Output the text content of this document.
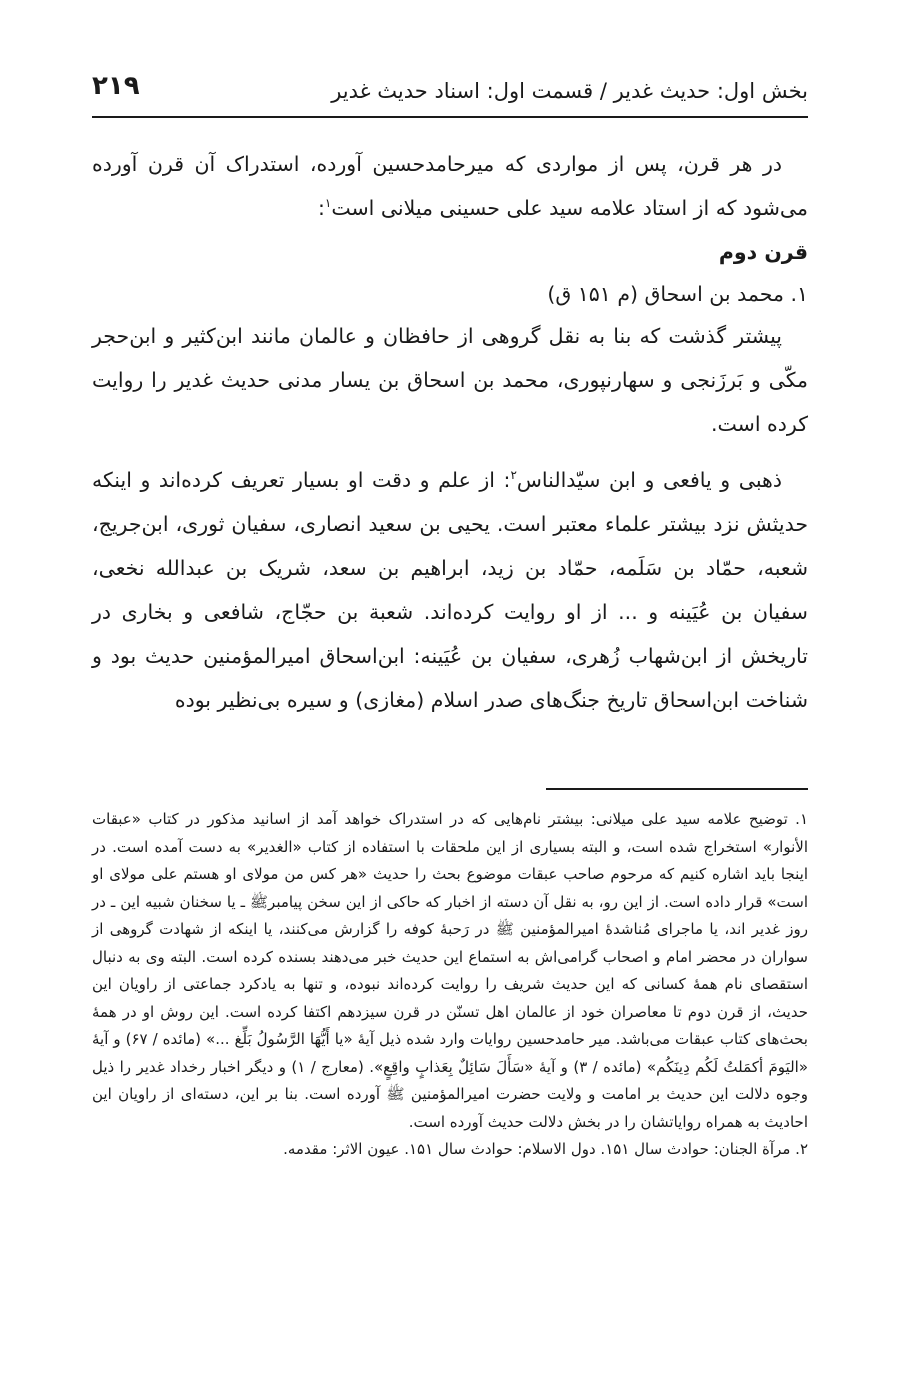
بخش اول: حدیث غدیر / قسمت اول: اسناد حدیث غدیر
۲۱۹

در هر قرن، پس از مواردی که میرحامدحسین آورده، استدراک آن قرن آورده می‌شود که از استاد علامه سید علی حسینی میلانی است$^۱$:

قرن دوم

۱. محمد بن اسحاق (م ۱۵۱ ق)

پیشتر گذشت که بنا به نقل گروهی از حافظان و عالمان مانند ابن‌کثیر و ابن‌حجر مکّی و بَرزَنجی و سهارنپوری، محمد بن اسحاق بن یسار مدنی حدیث غدیر را روایت کرده است.

ذهبی و یافعی و ابن سیّدالناس$^۲$: از علم و دقت او بسیار تعریف کرده‌اند و اینکه حدیثش نزد بیشتر علماء معتبر است. یحیی بن سعید انصاری، سفیان ثوری، ابن‌جریج، شعبه، حمّاد بن سَلَمه، حمّاد بن زید، ابراهیم بن سعد، شریک بن عبدالله نخعی، سفیان بن عُیَینه و ... از او روایت کرده‌اند. شعبة بن حجّاج، شافعی و بخاری در تاریخش از ابن‌شهاب زُهری، سفیان بن عُیَینه: ابن‌اسحاق امیرالمؤمنین حدیث بود و شناخت ابن‌اسحاق تاریخ جنگ‌های صدر اسلام (مغازی) و سیره بی‌نظیر بوده

۱. توضیح علامه سید علی میلانی: بیشتر نام‌هایی که در استدراک خواهد آمد از اسانید مذکور در کتاب «عبقات الأنوار» استخراج شده است، و البته بسیاری از این ملحقات با استفاده از کتاب «الغدیر» به دست آمده است. در اینجا باید اشاره کنیم که مرحوم صاحب عبقات موضوع بحث را حدیث «هر کس من مولای او هستم علی مولای او است» قرار داده است. از این رو، به نقل آن دسته از اخبار که حاکی از این سخن پیامبرﷺ ـ یا سخنان شبیه این ـ در روز غدیر اند، یا ماجرای مُناشدهٔ امیرالمؤمنین ﷺ در رَحبهٔ کوفه را گزارش می‌کنند، یا اینکه از شهادت گروهی از سواران در محضر امام و اصحاب گرامی‌اش به استماع این حدیث خبر می‌دهند بسنده کرده است. البته وی به دنبال استقصای نام همهٔ کسانی که این حدیث شریف را روایت کرده‌اند نبوده، و تنها به یادکرد جماعتی از راویان این حدیث، از قرن دوم تا معاصران خود از عالمان اهل تسنّن در قرن سیزدهم اکتفا کرده است. این روش او در همهٔ بحث‌های کتاب عبقات می‌باشد. میر حامدحسین روایات وارد شده ذیل آیهٔ «یا أَیُّهَا الرَّسُولُ بَلِّغ ...» (مائده / ۶۷) و آیهٔ «الیَومَ أکمَلتُ لَکُم دِینَکُم» (مائده / ۳) و آیهٔ «سَأَلَ سَائِلٌ بِعَذابٍ واقِعٍ». (معارج / ۱) و دیگر اخبار رخداد غدیر را ذیل وجوه دلالت این حدیث بر امامت و ولایت حضرت امیرالمؤمنین ﷺ آورده است. بنا بر این، دسته‌ای از راویان این احادیث به همراه روایاتشان را در بخش دلالت حدیث آورده است.

۲. مرآة الجنان: حوادث سال ۱۵۱. دول الاسلام: حوادث سال ۱۵۱. عیون الاثر: مقدمه.
